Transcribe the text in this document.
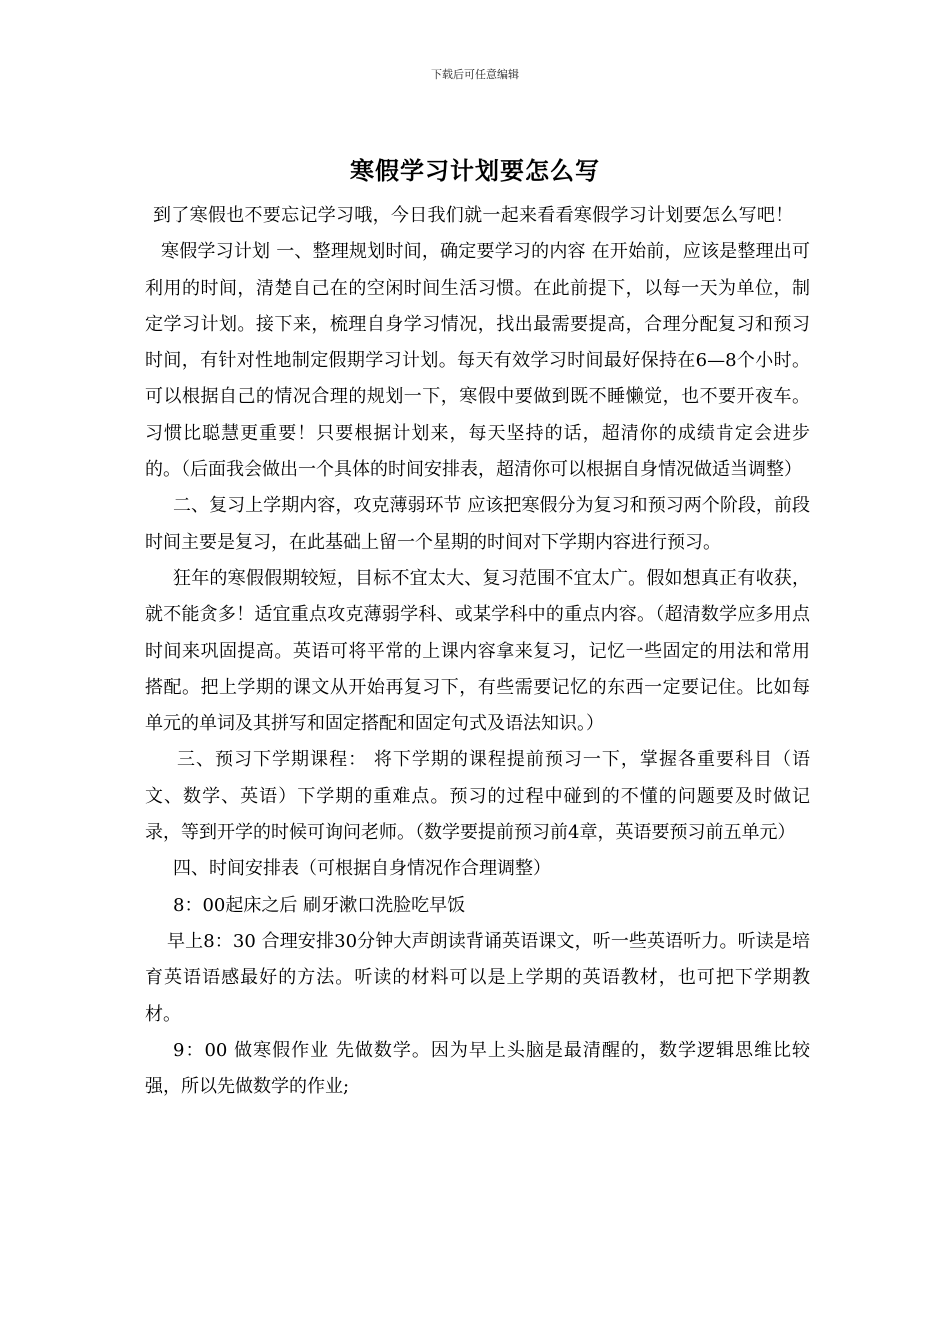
下载后可任意编辑
寒假学习计划要怎么写

到了寒假也不要忘记学习哦，今日我们就一起来看看寒假学习计划要怎么写吧！

寒假学习计划 一、整理规划时间，确定要学习的内容 在开始前，应该是整理出可利用的时间，清楚自己在的空闲时间生活习惯。在此前提下，以每一天为单位，制定学习计划。接下来，梳理自身学习情况，找出最需要提高，合理分配复习和预习时间，有针对性地制定假期学习计划。每天有效学习时间最好保持在6—8个小时。可以根据自己的情况合理的规划一下，寒假中要做到既不睡懒觉，也不要开夜车。习惯比聪慧更重要！只要根据计划来，每天坚持的话，超清你的成绩肯定会进步的。（后面我会做出一个具体的时间安排表，超清你可以根据自身情况做适当调整）

二、复习上学期内容，攻克薄弱环节 应该把寒假分为复习和预习两个阶段，前段时间主要是复习，在此基础上留一个星期的时间对下学期内容进行预习。

狂年的寒假假期较短，目标不宜太大、复习范围不宜太广。假如想真正有收获，就不能贪多！适宜重点攻克薄弱学科、或某学科中的重点内容。（超清数学应多用点时间来巩固提高。英语可将平常的上课内容拿来复习，记忆一些固定的用法和常用搭配。把上学期的课文从开始再复习下，有些需要记忆的东西一定要记住。比如每单元的单词及其拼写和固定搭配和固定句式及语法知识。）

三、预习下学期课程： 将下学期的课程提前预习一下，掌握各重要科目（语文、数学、英语）下学期的重难点。预习的过程中碰到的不懂的问题要及时做记录，等到开学的时候可询问老师。（数学要提前预习前4章，英语要预习前五单元）

四、时间安排表（可根据自身情况作合理调整）

8：00起床之后 刷牙漱口洗脸吃早饭

早上8：30 合理安排30分钟大声朗读背诵英语课文，听一些英语听力。听读是培育英语语感最好的方法。听读的材料可以是上学期的英语教材，也可把下学期教材。

9：00 做寒假作业 先做数学。因为早上头脑是最清醒的，数学逻辑思维比较强，所以先做数学的作业;
